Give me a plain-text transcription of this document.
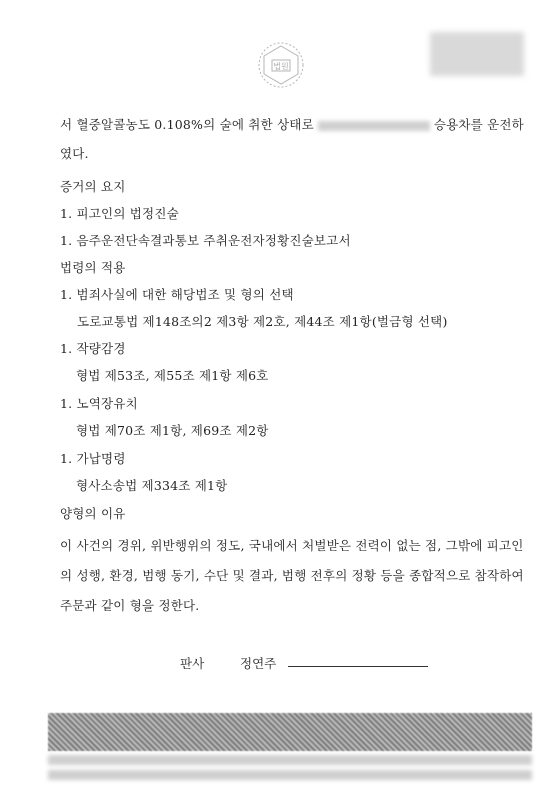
법원
서 혈중알콜농도 0.108%의 술에 취한 상태로	승용차를 운전하
였다.
증거의 요지
1. 피고인의 법정진술
1. 음주운전단속결과통보 주취운전자정황진술보고서
법령의 적용
1. 범죄사실에 대한 해당법조 및 형의 선택
도로교통법 제148조의2 제3항 제2호, 제44조 제1항(벌금형 선택)
1. 작량감경
형법 제53조, 제55조 제1항 제6호
1. 노역장유치
형법 제70조 제1항, 제69조 제2항
1. 가납명령
형사소송법 제334조 제1항
양형의 이유
이 사건의 경위, 위반행위의 정도, 국내에서 처벌받은 전력이 없는 점, 그밖에 피고인
의 성행, 환경, 범행 동기, 수단 및 결과, 범행 전후의 정황 등을 종합적으로 참작하여
주문과 같이 형을 정한다.
판사	정연주
